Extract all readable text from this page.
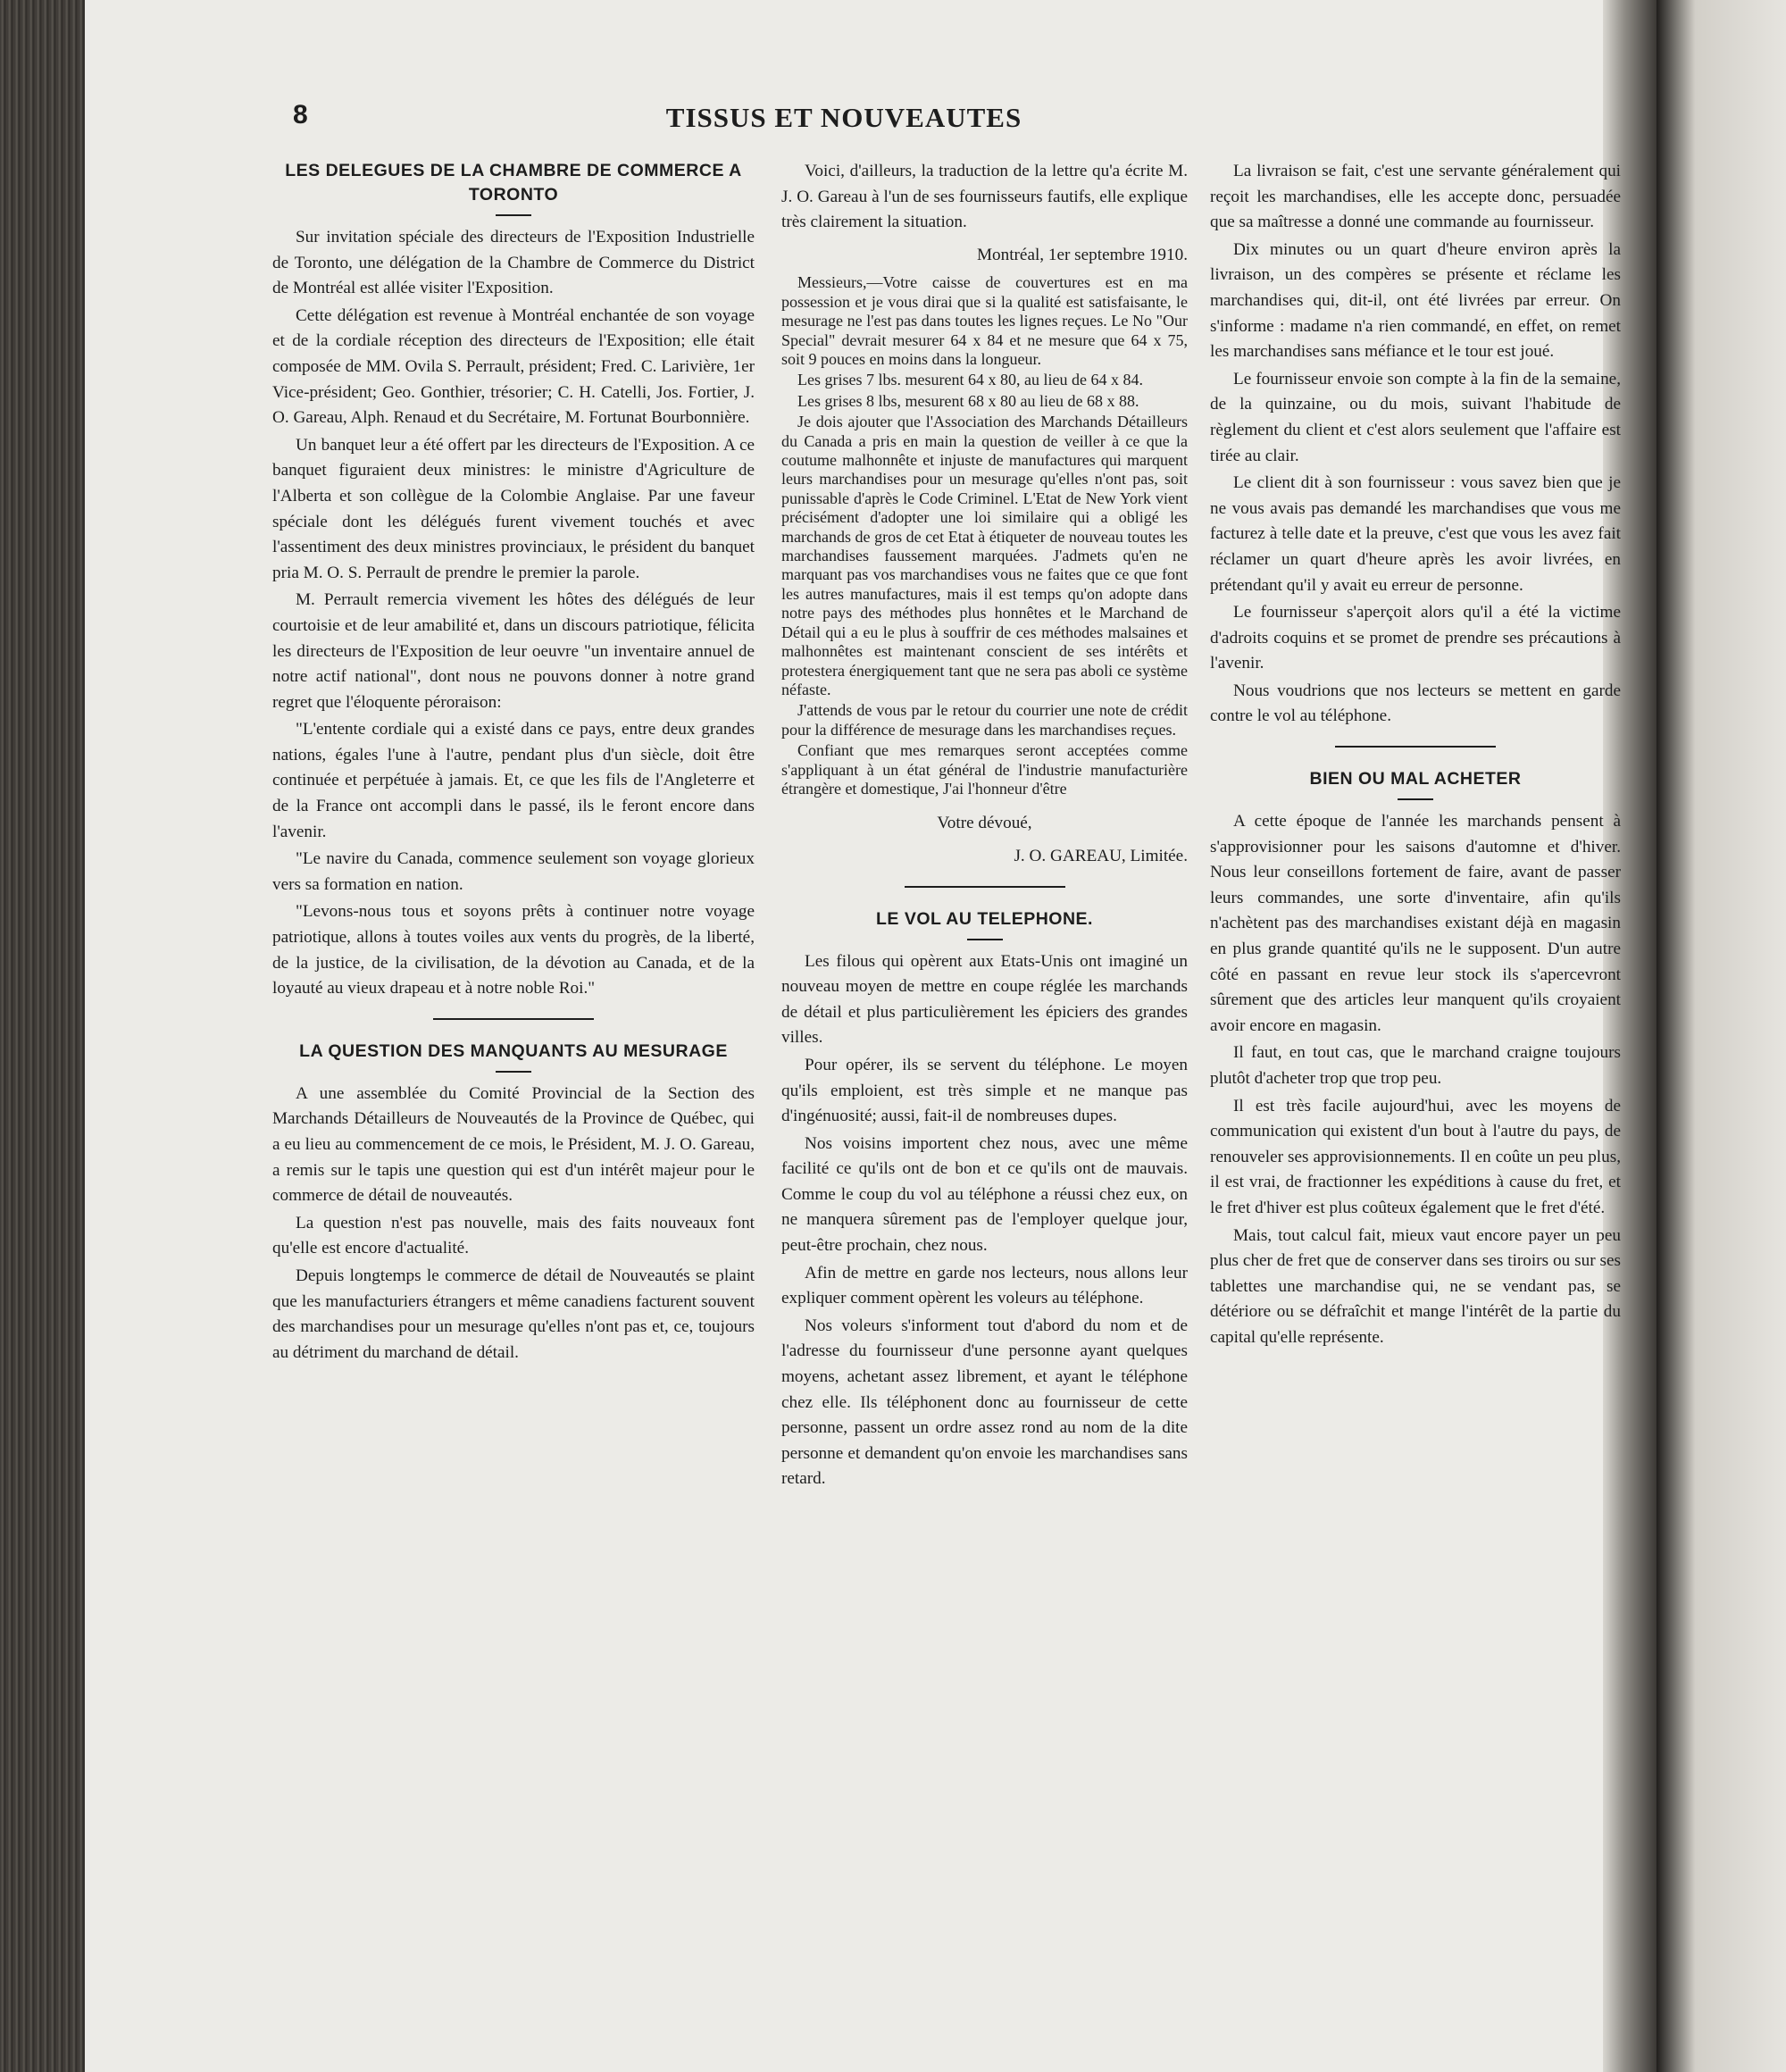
8	TISSUS ET NOUVEAUTES
LES DELEGUES DE LA CHAMBRE DE COMMERCE A TORONTO

Sur invitation spéciale des directeurs de l'Exposition Industrielle de Toronto, une délégation de la Chambre de Commerce du District de Montréal est allée visiter l'Exposition.

Cette délégation est revenue à Montréal enchantée de son voyage et de la cordiale réception des directeurs de l'Exposition; elle était composée de MM. Ovila S. Perrault, président; Fred. C. Larivière, 1er Vice-président; Geo. Gonthier, trésorier; C. H. Catelli, Jos. Fortier, J. O. Gareau, Alph. Renaud et du Secrétaire, M. Fortunat Bourbonnière.

Un banquet leur a été offert par les directeurs de l'Exposition. A ce banquet figuraient deux ministres: le ministre d'Agriculture de l'Alberta et son collègue de la Colombie Anglaise. Par une faveur spéciale dont les délégués furent vivement touchés et avec l'assentiment des deux ministres provinciaux, le président du banquet pria M. O. S. Perrault de prendre le premier la parole.

M. Perrault remercia vivement les hôtes des délégués de leur courtoisie et de leur amabilité et, dans un discours patriotique, félicita les directeurs de l'Exposition de leur oeuvre "un inventaire annuel de notre actif national", dont nous ne pouvons donner à notre grand regret que l'éloquente péroraison:

"L'entente cordiale qui a existé dans ce pays, entre deux grandes nations, égales l'une à l'autre, pendant plus d'un siècle, doit être continuée et perpétuée à jamais. Et, ce que les fils de l'Angleterre et de la France ont accompli dans le passé, ils le feront encore dans l'avenir.

"Le navire du Canada, commence seulement son voyage glorieux vers sa formation en nation.

"Levons-nous tous et soyons prêts à continuer notre voyage patriotique, allons à toutes voiles aux vents du progrès, de la liberté, de la justice, de la civilisation, de la dévotion au Canada, et de la loyauté au vieux drapeau et à notre noble Roi."

LA QUESTION DES MANQUANTS AU MESURAGE

A une assemblée du Comité Provincial de la Section des Marchands Détailleurs de Nouveautés de la Province de Québec, qui a eu lieu au commencement de ce mois, le Président, M. J. O. Gareau, a remis sur le tapis une question qui est d'un intérêt majeur pour le commerce de détail de nouveautés.

La question n'est pas nouvelle, mais des faits nouveaux font qu'elle est encore d'actualité.

Depuis longtemps le commerce de détail de Nouveautés se plaint que les manufacturiers étrangers et même canadiens facturent souvent des marchandises pour un mesurage qu'elles n'ont pas et, ce, toujours au détriment du marchand de détail.

Voici, d'ailleurs, la traduction de la lettre qu'a écrite M. J. O. Gareau à l'un de ses fournisseurs fautifs, elle explique très clairement la situation.

Montréal, 1er septembre 1910.

Messieurs,—Votre caisse de couvertures est en ma possession et je vous dirai que si la qualité est satisfaisante, le mesurage ne l'est pas dans toutes les lignes reçues. Le No "Our Special" devrait mesurer 64 x 84 et ne mesure que 64 x 75, soit 9 pouces en moins dans la longueur.

Les grises 7 lbs. mesurent 64 x 80, au lieu de 64 x 84.

Les grises 8 lbs, mesurent 68 x 80 au lieu de 68 x 88.

Je dois ajouter que l'Association des Marchands Détailleurs du Canada a pris en main la question de veiller à ce que la coutume malhonnête et injuste de manufactures qui marquent leurs marchandises pour un mesurage qu'elles n'ont pas, soit punissable d'après le Code Criminel. L'Etat de New York vient précisément d'adopter une loi similaire qui a obligé les marchands de gros de cet Etat à étiqueter de nouveau toutes les marchandises faussement marquées. J'admets qu'en ne marquant pas vos marchandises vous ne faites que ce que font les autres manufactures, mais il est temps qu'on adopte dans notre pays des méthodes plus honnêtes et le Marchand de Détail qui a eu le plus à souffrir de ces méthodes malsaines et malhonnêtes est maintenant conscient de ses intérêts et protestera énergiquement tant que ne sera pas aboli ce système néfaste.

J'attends de vous par le retour du courrier une note de crédit pour la différence de mesurage dans les marchandises reçues.

Confiant que mes remarques seront acceptées comme s'appliquant à un état général de l'industrie manufacturière étrangère et domestique, J'ai l'honneur d'être

Votre dévoué,

J. O. GAREAU, Limitée.

LE VOL AU TELEPHONE.

Les filous qui opèrent aux Etats-Unis ont imaginé un nouveau moyen de mettre en coupe réglée les marchands de détail et plus particulièrement les épiciers des grandes villes.

Pour opérer, ils se servent du téléphone. Le moyen qu'ils emploient, est très simple et ne manque pas d'ingénuosité; aussi, fait-il de nombreuses dupes.

Nos voisins importent chez nous, avec une même facilité ce qu'ils ont de bon et ce qu'ils ont de mauvais. Comme le coup du vol au téléphone a réussi chez eux, on ne manquera sûrement pas de l'employer quelque jour, peut-être prochain, chez nous.

Afin de mettre en garde nos lecteurs, nous allons leur expliquer comment opèrent les voleurs au téléphone.

Nos voleurs s'informent tout d'abord du nom et de l'adresse du fournisseur d'une personne ayant quelques moyens, achetant assez librement, et ayant le téléphone chez elle. Ils téléphonent donc au fournisseur de cette personne, passent un ordre assez rond au nom de la dite personne et demandent qu'on envoie les marchandises sans retard.

La livraison se fait, c'est une servante généralement qui reçoit les marchandises, elle les accepte donc, persuadée que sa maîtresse a donné une commande au fournisseur.

Dix minutes ou un quart d'heure environ après la livraison, un des compères se présente et réclame les marchandises qui, dit-il, ont été livrées par erreur. On s'informe : madame n'a rien commandé, en effet, on remet les marchandises sans méfiance et le tour est joué.

Le fournisseur envoie son compte à la fin de la semaine, de la quinzaine, ou du mois, suivant l'habitude de règlement du client et c'est alors seulement que l'affaire est tirée au clair.

Le client dit à son fournisseur : vous savez bien que je ne vous avais pas demandé les marchandises que vous me facturez à telle date et la preuve, c'est que vous les avez fait réclamer un quart d'heure après les avoir livrées, en prétendant qu'il y avait eu erreur de personne.

Le fournisseur s'aperçoit alors qu'il a été la victime d'adroits coquins et se promet de prendre ses précautions à l'avenir.

Nous voudrions que nos lecteurs se mettent en garde contre le vol au téléphone.

BIEN OU MAL ACHETER

A cette époque de l'année les marchands pensent à s'approvisionner pour les saisons d'automne et d'hiver. Nous leur conseillons fortement de faire, avant de passer leurs commandes, une sorte d'inventaire, afin qu'ils n'achètent pas des marchandises existant déjà en magasin en plus grande quantité qu'ils ne le supposent. D'un autre côté en passant en revue leur stock ils s'apercevront sûrement que des articles leur manquent qu'ils croyaient avoir encore en magasin.

Il faut, en tout cas, que le marchand craigne toujours plutôt d'acheter trop que trop peu.

Il est très facile aujourd'hui, avec les moyens de communication qui existent d'un bout à l'autre du pays, de renouveler ses approvisionnements. Il en coûte un peu plus, il est vrai, de fractionner les expéditions à cause du fret, et le fret d'hiver est plus coûteux également que le fret d'été.

Mais, tout calcul fait, mieux vaut encore payer un peu plus cher de fret que de conserver dans ses tiroirs ou sur ses tablettes une marchandise qui, ne se vendant pas, se détériore ou se défraîchit et mange l'intérêt de la partie du capital qu'elle représente.
